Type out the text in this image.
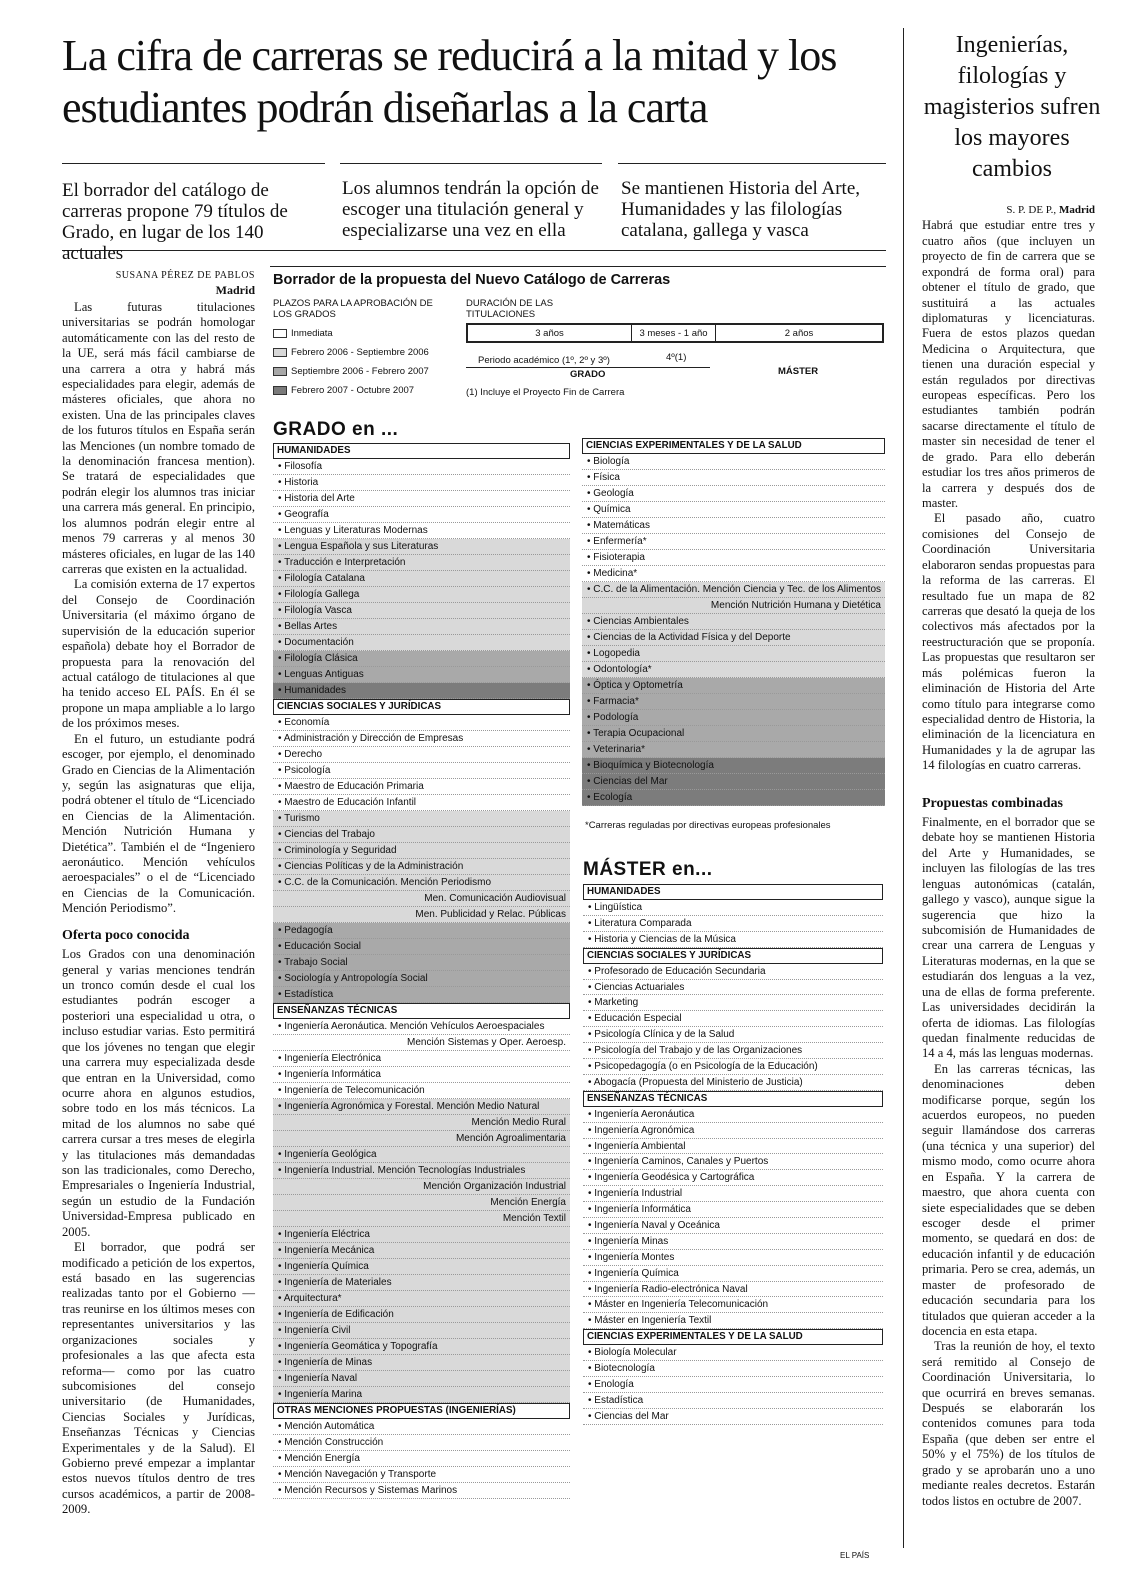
La cifra de carreras se reducirá a la mitad y los estudiantes podrán diseñarlas a la carta
El borrador del catálogo de carreras propone 79 títulos de Grado, en lugar de los 140 actuales
Los alumnos tendrán la opción de escoger una titulación general y especializarse una vez en ella
Se mantienen Historia del Arte, Humanidades y las filologías catalana, gallega y vasca
Ingenierías, filologías y magisterios sufren los mayores cambios
SUSANA PÉREZ DE PABLOS
Madrid

Las futuras titulaciones universitarias se podrán homologar automáticamente con las del resto de la UE, será más fácil cambiarse de una carrera a otra y habrá más especialidades para elegir, además de másteres oficiales, que ahora no existen. Una de las principales claves de los futuros títulos en España serán las Menciones (un nombre tomado de la denominación francesa mention). Se tratará de especialidades que podrán elegir los alumnos tras iniciar una carrera más general. En principio, los alumnos podrán elegir entre al menos 79 carreras y al menos 30 másteres oficiales, en lugar de las 140 carreras que existen en la actualidad.

La comisión externa de 17 expertos del Consejo de Coordinación Universitaria (el máximo órgano de supervisión de la educación superior española) debate hoy el Borrador de propuesta para la renovación del actual catálogo de titulaciones al que ha tenido acceso EL PAÍS. En él se propone un mapa ampliable a lo largo de los próximos meses.

En el futuro, un estudiante podrá escoger, por ejemplo, el denominado Grado en Ciencias de la Alimentación y, según las asignaturas que elija, podrá obtener el título de “Licenciado en Ciencias de la Alimentación. Mención Nutrición Humana y Dietética”. También el de “Ingeniero aeronáutico. Mención vehículos aeroespaciales” o el de “Licenciado en Ciencias de la Comunicación. Mención Periodismo”.

Oferta poco conocida

Los Grados con una denominación general y varias menciones tendrán un tronco común desde el cual los estudiantes podrán escoger a posteriori una especialidad u otra, o incluso estudiar varias. Esto permitirá que los jóvenes no tengan que elegir una carrera muy especializada desde que entran en la Universidad, como ocurre ahora en algunos estudios, sobre todo en los más técnicos. La mitad de los alumnos no sabe qué carrera cursar a tres meses de elegirla y las titulaciones más demandadas son las tradicionales, como Derecho, Empresariales o Ingeniería Industrial, según un estudio de la Fundación Universidad-Empresa publicado en 2005.

El borrador, que podrá ser modificado a petición de los expertos, está basado en las sugerencias realizadas tanto por el Gobierno —tras reunirse en los últimos meses con representantes universitarios y las organizaciones sociales y profesionales a las que afecta esta reforma— como por las cuatro subcomisiones del consejo universitario (de Humanidades, Ciencias Sociales y Jurídicas, Enseñanzas Técnicas y Ciencias Experimentales y de la Salud). El Gobierno prevé empezar a implantar estos nuevos títulos dentro de tres cursos académicos, a partir de 2008-2009.

S. P. DE P., Madrid

Habrá que estudiar entre tres y cuatro años (que incluyen un proyecto de fin de carrera que se expondrá de forma oral) para obtener el título de grado, que sustituirá a las actuales diplomaturas y licenciaturas. Fuera de estos plazos quedan Medicina o Arquitectura, que tienen una duración especial y están regulados por directivas europeas específicas. Pero los estudiantes también podrán sacarse directamente el título de master sin necesidad de tener el de grado. Para ello deberán estudiar los tres años primeros de la carrera y después dos de master.

El pasado año, cuatro comisiones del Consejo de Coordinación Universitaria elaboraron sendas propuestas para la reforma de las carreras. El resultado fue un mapa de 82 carreras que desató la queja de los colectivos más afectados por la reestructuración que se proponía. Las propuestas que resultaron ser más polémicas fueron la eliminación de Historia del Arte como título para integrarse como especialidad dentro de Historia, la eliminación de la licenciatura en Humanidades y la de agrupar las 14 filologías en cuatro carreras.

Propuestas combinadas

Finalmente, en el borrador que se debate hoy se mantienen Historia del Arte y Humanidades, se incluyen las filologías de las tres lenguas autonómicas (catalán, gallego y vasco), aunque sigue la sugerencia que hizo la subcomisión de Humanidades de crear una carrera de Lenguas y Literaturas modernas, en la que se estudiarán dos lenguas a la vez, una de ellas de forma preferente. Las universidades decidirán la oferta de idiomas. Las filologías quedan finalmente reducidas de 14 a 4, más las lenguas modernas.

En las carreras técnicas, las denominaciones deben modificarse porque, según los acuerdos europeos, no pueden seguir llamándose dos carreras (una técnica y una superior) del mismo modo, como ocurre ahora en España. Y la carrera de maestro, que ahora cuenta con siete especialidades que se deben escoger desde el primer momento, se quedará en dos: de educación infantil y de educación primaria. Pero se crea, además, un master de profesorado de educación secundaria para los titulados que quieran acceder a la docencia en esta etapa.

Tras la reunión de hoy, el texto será remitido al Consejo de Coordinación Universitaria, lo que ocurrirá en breves semanas. Después se elaborarán los contenidos comunes para toda España (que deben ser entre el 50% y el 75%) de los títulos de grado y se aprobarán uno a uno mediante reales decretos. Estarán todos listos en octubre de 2007.

Borrador de la propuesta del Nuevo Catálogo de Carreras
PLAZOS PARA LA APROBACIÓN DE LOS GRADOS
Inmediata
Febrero 2006 - Septiembre 2006
Septiembre 2006 - Febrero 2007
Febrero 2007 - Octubre 2007
DURACIÓN DE LAS TITULACIONES
3 años	3 meses - 1 año	2 años
Periodo académico (1º, 2º y 3º)	4º(1)
GRADO	MÁSTER
(1) Incluye el Proyecto Fin de Carrera
GRADO en ...
HUMANIDADES
• Filosofía
• Historia
• Historia del Arte
• Geografía
• Lenguas y Literaturas Modernas
• Lengua Española y sus Literaturas
• Traducción e Interpretación
• Filología Catalana
• Filología Gallega
• Filología Vasca
• Bellas Artes
• Documentación
• Filología Clásica
• Lenguas Antiguas
• Humanidades
CIENCIAS SOCIALES Y JURÍDICAS
• Economía
• Administración y Dirección de Empresas
• Derecho
• Psicología
• Maestro de Educación Primaria
• Maestro de Educación Infantil
• Turismo
• Ciencias del Trabajo
• Criminología y Seguridad
• Ciencias Políticas y de la Administración
• C.C. de la Comunicación. Mención Periodismo
Men. Comunicación Audiovisual
Men. Publicidad y Relac. Públicas
• Pedagogía
• Educación Social
• Trabajo Social
• Sociología y Antropología Social
• Estadística
ENSEÑANZAS TÉCNICAS
• Ingeniería Aeronáutica. Mención Vehículos Aeroespaciales
Mención Sistemas y Oper. Aeroesp.
• Ingeniería Electrónica
• Ingeniería Informática
• Ingeniería de Telecomunicación
• Ingeniería Agronómica y Forestal. Mención Medio Natural
Mención Medio Rural
Mención Agroalimentaria
• Ingeniería Geológica
• Ingeniería Industrial. Mención Tecnologías Industriales
Mención Organización Industrial
Mención Energía
Mención Textil
• Ingeniería Eléctrica
• Ingeniería Mecánica
• Ingeniería Química
• Ingeniería de Materiales
• Arquitectura*
• Ingeniería de Edificación
• Ingeniería Civil
• Ingeniería Geomática y Topografía
• Ingeniería de Minas
• Ingeniería Naval
• Ingeniería Marina
OTRAS MENCIONES PROPUESTAS (INGENIERÍAS)
• Mención Automática
• Mención Construcción
• Mención Energía
• Mención Navegación y Transporte
• Mención Recursos y Sistemas Marinos
CIENCIAS EXPERIMENTALES Y DE LA SALUD
• Biología
• Física
• Geología
• Química
• Matemáticas
• Enfermería*
• Fisioterapia
• Medicina*
• C.C. de la Alimentación. Mención Ciencia y Tec. de los Alimentos
Mención Nutrición Humana y Dietética
• Ciencias Ambientales
• Ciencias de la Actividad Física y del Deporte
• Logopedia
• Odontología*
• Óptica y Optometría
• Farmacia*
• Podología
• Terapia Ocupacional
• Veterinaria*
• Bioquímica y Biotecnología
• Ciencias del Mar
• Ecología
*Carreras reguladas por directivas europeas profesionales
MÁSTER en...
HUMANIDADES
• Lingüística
• Literatura Comparada
• Historia y Ciencias de la Música
CIENCIAS SOCIALES Y JURÍDICAS
• Profesorado de Educación Secundaria
• Ciencias Actuariales
• Marketing
• Educación Especial
• Psicología Clínica y de la Salud
• Psicología del Trabajo y de las Organizaciones
• Psicopedagogía (o en Psicología de la Educación)
• Abogacía (Propuesta del Ministerio de Justicia)
ENSEÑANZAS TÉCNICAS
• Ingeniería Aeronáutica
• Ingeniería Agronómica
• Ingeniería Ambiental
• Ingeniería Caminos, Canales y Puertos
• Ingeniería Geodésica y Cartográfica
• Ingeniería Industrial
• Ingeniería Informática
• Ingeniería Naval y Oceánica
• Ingeniería Minas
• Ingeniería Montes
• Ingeniería Química
• Ingeniería Radio-electrónica Naval
• Máster en Ingeniería Telecomunicación
• Máster en Ingeniería Textil
CIENCIAS EXPERIMENTALES Y DE LA SALUD
• Biología Molecular
• Biotecnología
• Enología
• Estadística
• Ciencias del Mar
EL PAÍS
